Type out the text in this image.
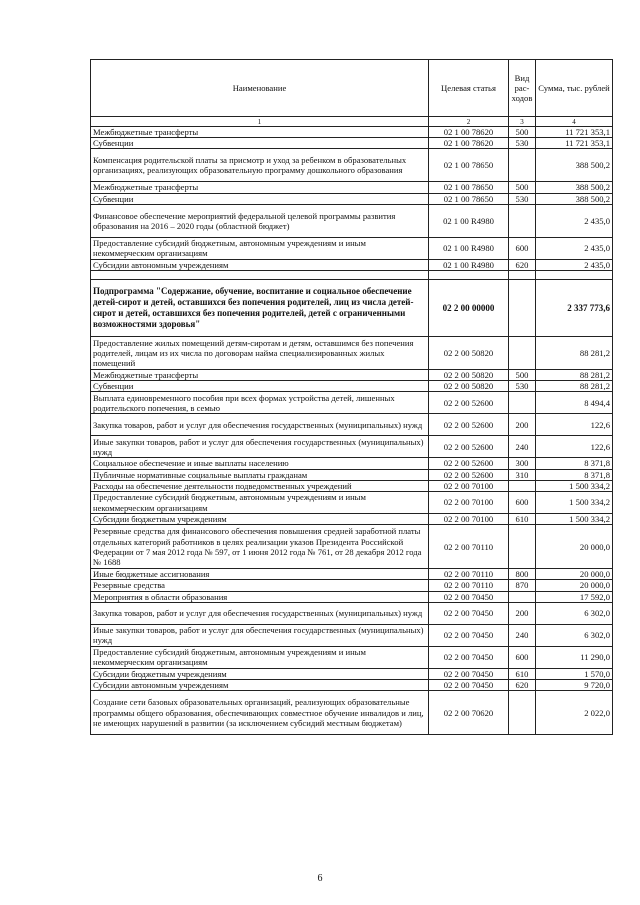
Наименование	Целевая статья	Вид рас-ходов	Сумма, тыс. рублей
1	2	3	4
Межбюджетные трансферты	02 1 00 78620	500	11 721 353,1
Субвенции	02 1 00 78620	530	11 721 353,1
Компенсация родительской платы за присмотр и уход за ребенком в образовательных организациях, реализующих образовательную программу дошкольного образования	02 1 00 78650		388 500,2
Межбюджетные трансферты	02 1 00 78650	500	388 500,2
Субвенции	02 1 00 78650	530	388 500,2
Финансовое обеспечение мероприятий федеральной целевой программы развития образования на 2016 – 2020 годы (областной бюджет)	02 1 00 R4980		2 435,0
Предоставление субсидий бюджетным, автономным учреждениям и иным некоммерческим организациям	02 1 00 R4980	600	2 435,0
Субсидии автономным учреждениям	02 1 00 R4980	620	2 435,0

Подпрограмма "Содержание, обучение, воспитание и социальное обеспечение детей-сирот и детей, оставшихся без попечения родителей, лиц из числа детей-сирот и детей, оставшихся без попечения родителей, детей с ограниченными возможностями здоровья"	02 2 00 00000		2 337 773,6
Предоставление жилых помещений детям-сиротам и детям, оставшимся без попечения родителей, лицам из их числа по договорам найма специализированных жилых помещений	02 2 00 50820		88 281,2
Межбюджетные трансферты	02 2 00 50820	500	88 281,2
Субвенции	02 2 00 50820	530	88 281,2
Выплата единовременного пособия при всех формах устройства детей, лишенных родительского попечения, в семью	02 2 00 52600		8 494,4
Закупка товаров, работ и услуг для обеспечения государственных (муниципальных) нужд	02 2 00 52600	200	122,6
Иные закупки товаров, работ и услуг для обеспечения государственных (муниципальных) нужд	02 2 00 52600	240	122,6
Социальное обеспечение и иные выплаты населению	02 2 00 52600	300	8 371,8
Публичные нормативные социальные выплаты гражданам	02 2 00 52600	310	8 371,8
Расходы на обеспечение деятельности подведомственных учреждений	02 2 00 70100		1 500 334,2
Предоставление субсидий бюджетным, автономным учреждениям и иным некоммерческим организациям	02 2 00 70100	600	1 500 334,2
Субсидии бюджетным учреждениям	02 2 00 70100	610	1 500 334,2
Резервные средства для финансового обеспечения повышения средней заработной платы отдельных категорий работников в целях реализации указов Президента Российской Федерации от 7 мая 2012 года № 597, от 1 июня 2012 года № 761, от 28 декабря 2012 года № 1688	02 2 00 70110		20 000,0
Иные бюджетные ассигнования	02 2 00 70110	800	20 000,0
Резервные средства	02 2 00 70110	870	20 000,0
Мероприятия в области образования	02 2 00 70450		17 592,0
Закупка товаров, работ и услуг для обеспечения государственных (муниципальных) нужд	02 2 00 70450	200	6 302,0
Иные закупки товаров, работ и услуг для обеспечения государственных (муниципальных) нужд	02 2 00 70450	240	6 302,0
Предоставление субсидий бюджетным, автономным учреждениям и иным некоммерческим организациям	02 2 00 70450	600	11 290,0
Субсидии бюджетным учреждениям	02 2 00 70450	610	1 570,0
Субсидии автономным учреждениям	02 2 00 70450	620	9 720,0
Создание сети базовых образовательных организаций, реализующих образовательные программы общего образования, обеспечивающих совместное обучение инвалидов и лиц, не имеющих нарушений в развитии (за исключением субсидий местным бюджетам)	02 2 00 70620		2 022,0
6
